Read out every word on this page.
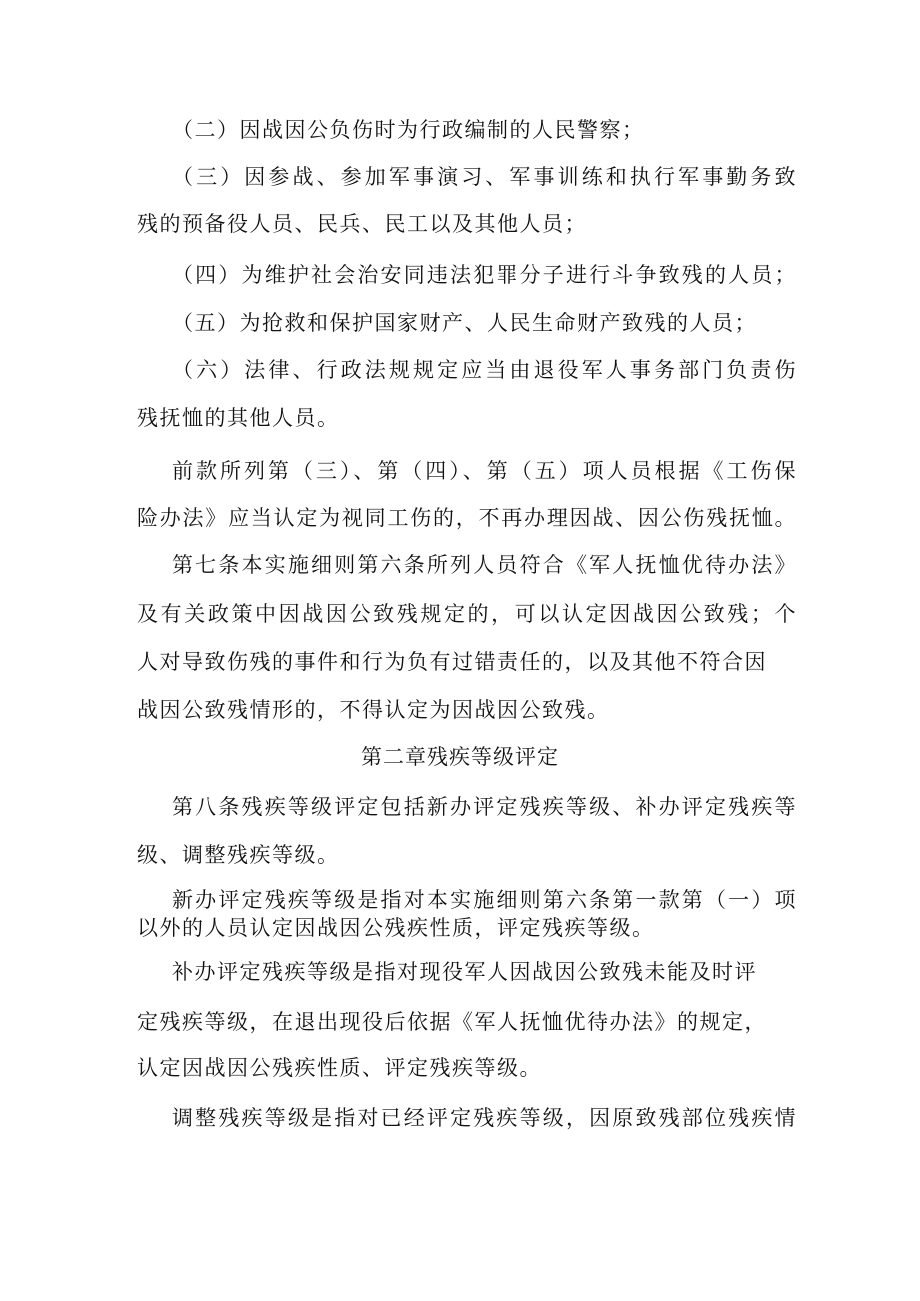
（二）因战因公负伤时为行政编制的人民警察；
（三）因参战、参加军事演习、军事训练和执行军事勤务致
残的预备役人员、民兵、民工以及其他人员；
（四）为维护社会治安同违法犯罪分子进行斗争致残的人员；
（五）为抢救和保护国家财产、人民生命财产致残的人员；
（六）法律、行政法规规定应当由退役军人事务部门负责伤
残抚恤的其他人员。
前款所列第（三）、第（四）、第（五）项人员根据《工伤保
险办法》应当认定为视同工伤的，不再办理因战、因公伤残抚恤。
第七条本实施细则第六条所列人员符合《军人抚恤优待办法》
及有关政策中因战因公致残规定的，可以认定因战因公致残；个
人对导致伤残的事件和行为负有过错责任的，以及其他不符合因
战因公致残情形的，不得认定为因战因公致残。
第二章残疾等级评定
第八条残疾等级评定包括新办评定残疾等级、补办评定残疾等
级、调整残疾等级。
新办评定残疾等级是指对本实施细则第六条第一款第（一）项
以外的人员认定因战因公残疾性质，评定残疾等级。
补办评定残疾等级是指对现役军人因战因公致残未能及时评
定残疾等级，在退出现役后依据《军人抚恤优待办法》的规定，
认定因战因公残疾性质、评定残疾等级。
调整残疾等级是指对已经评定残疾等级，因原致残部位残疾情
